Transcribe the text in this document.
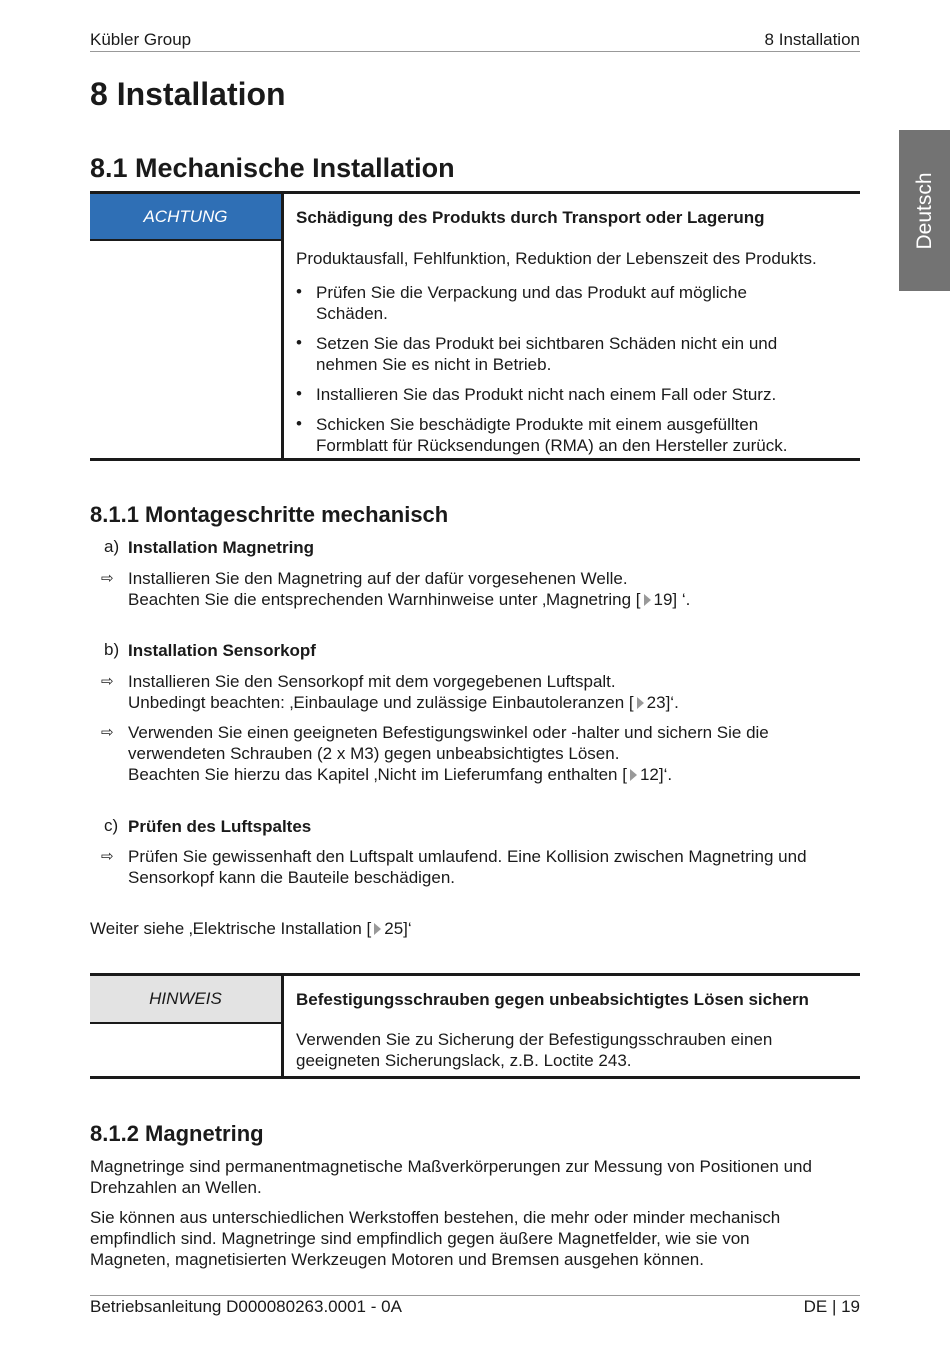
Kübler Group	8 Installation
Deutsch
8 Installation
8.1 Mechanische Installation
ACHTUNG	Schädigung des Produkts durch Transport oder Lagerung
Produktausfall, Fehlfunktion, Reduktion der Lebenszeit des Produkts.
• Prüfen Sie die Verpackung und das Produkt auf mögliche
Schäden.
• Setzen Sie das Produkt bei sichtbaren Schäden nicht ein und
nehmen Sie es nicht in Betrieb.
• Installieren Sie das Produkt nicht nach einem Fall oder Sturz.
• Schicken Sie beschädigte Produkte mit einem ausgefüllten
Formblatt für Rücksendungen (RMA) an den Hersteller zurück.
8.1.1 Montageschritte mechanisch
a) Installation Magnetring
⇨ Installieren Sie den Magnetring auf der dafür vorgesehenen Welle.
Beachten Sie die entsprechenden Warnhinweise unter ‚Magnetring [ 19] ‘.
b) Installation Sensorkopf
⇨ Installieren Sie den Sensorkopf mit dem vorgegebenen Luftspalt.
Unbedingt beachten: ‚Einbaulage und zulässige Einbautoleranzen [ 23]‘.
⇨ Verwenden Sie einen geeigneten Befestigungswinkel oder -halter und sichern Sie die
verwendeten Schrauben (2 x M3) gegen unbeabsichtigtes Lösen.
Beachten Sie hierzu das Kapitel ‚Nicht im Lieferumfang enthalten [ 12]‘.
c) Prüfen des Luftspaltes
⇨ Prüfen Sie gewissenhaft den Luftspalt umlaufend. Eine Kollision zwischen Magnetring und
Sensorkopf kann die Bauteile beschädigen.
Weiter siehe ‚Elektrische Installation [ 25]‘
HINWEIS	Befestigungsschrauben gegen unbeabsichtigtes Lösen sichern
Verwenden Sie zu Sicherung der Befestigungsschrauben einen
geeigneten Sicherungslack, z.B. Loctite 243.
8.1.2 Magnetring
Magnetringe sind permanentmagnetische Maßverkörperungen zur Messung von Positionen und
Drehzahlen an Wellen.
Sie können aus unterschiedlichen Werkstoffen bestehen, die mehr oder minder mechanisch
empfindlich sind. Magnetringe sind empfindlich gegen äußere Magnetfelder, wie sie von
Magneten, magnetisierten Werkzeugen Motoren und Bremsen ausgehen können.
Betriebsanleitung D000080263.0001 - 0A	DE | 19
